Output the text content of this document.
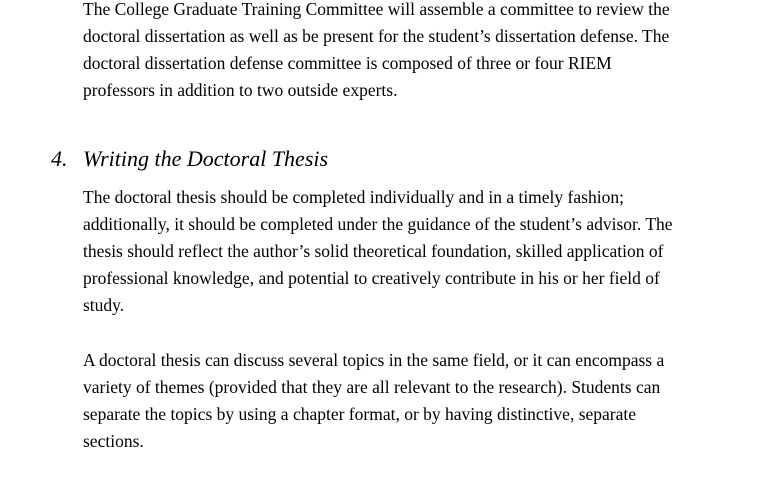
The College Graduate Training Committee will assemble a committee to review the
doctoral dissertation as well as be present for the student’s dissertation defense. The
doctoral dissertation defense committee is composed of three or four RIEM
professors in addition to two outside experts.

4. Writing the Doctoral Thesis

The doctoral thesis should be completed individually and in a timely fashion;
additionally, it should be completed under the guidance of the student’s advisor. The
thesis should reflect the author’s solid theoretical foundation, skilled application of
professional knowledge, and potential to creatively contribute in his or her field of
study.

A doctoral thesis can discuss several topics in the same field, or it can encompass a
variety of themes (provided that they are all relevant to the research). Students can
separate the topics by using a chapter format, or by having distinctive, separate
sections.
